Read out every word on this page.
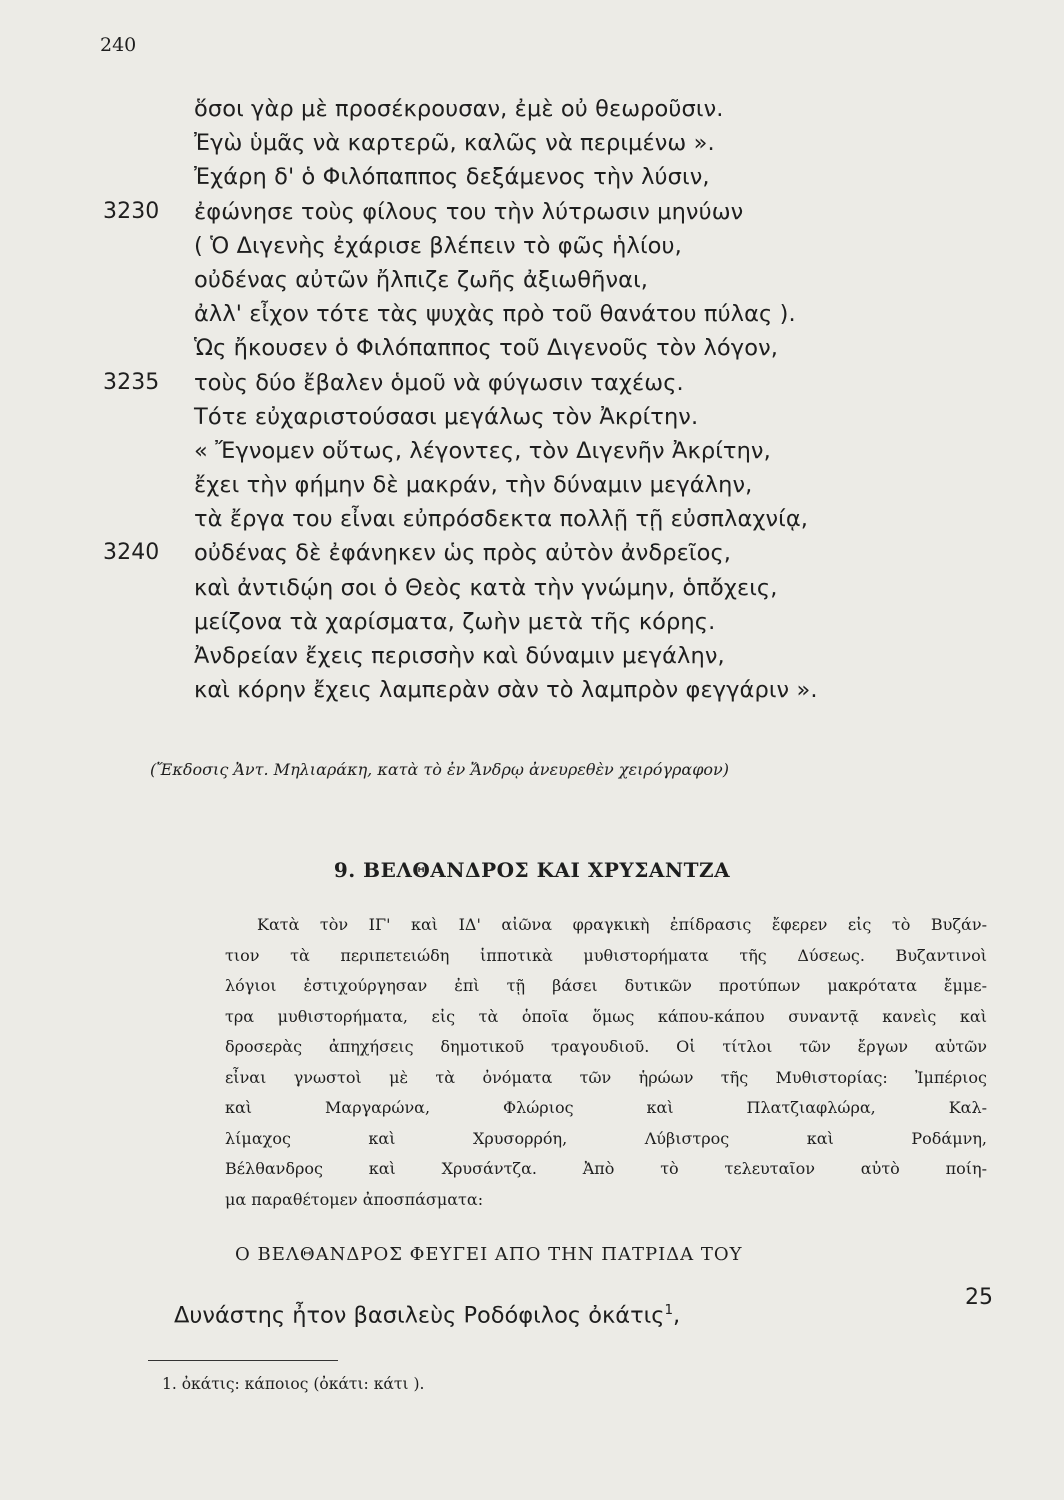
240
ὅσοι γὰρ μὲ προσέκρουσαν, ἐμὲ οὐ θεωροῦσιν.
Ἐγὼ ὑμᾶς νὰ καρτερῶ, καλῶς νὰ περιμένω ».
Ἐχάρη δ' ὁ Φιλόπαππος δεξάμενος τὴν λύσιν,
3230 ἐφώνησε τοὺς φίλους του τὴν λύτρωσιν μηνύων
( Ὁ Διγενὴς ἐχάρισε βλέπειν τὸ φῶς ἡλίου,
οὐδένας αὐτῶν ἤλπιζε ζωῆς ἀξιωθῆναι,
ἀλλ' εἶχον τότε τὰς ψυχὰς πρὸ τοῦ θανάτου πύλας ).
Ὡς ἤκουσεν ὁ Φιλόπαππος τοῦ Διγενοῦς τὸν λόγον,
3235 τοὺς δύο ἔβαλεν ὁμοῦ νὰ φύγωσιν ταχέως.
Τότε εὐχαριστούσασι μεγάλως τὸν Ἀκρίτην.
« Ἔγνομεν οὕτως, λέγοντες, τὸν Διγενῆν Ἀκρίτην,
ἔχει τὴν φήμην δὲ μακράν, τὴν δύναμιν μεγάλην,
τὰ ἔργα του εἶναι εὐπρόσδεκτα πολλῇ τῇ εὐσπλαχνίᾳ,
3240 οὐδένας δὲ ἐφάνηκεν ὡς πρὸς αὐτὸν ἀνδρεῖος,
καὶ ἀντιδῴη σοι ὁ Θεὸς κατὰ τὴν γνώμην, ὁπὄχεις,
μείζονα τὰ χαρίσματα, ζωὴν μετὰ τῆς κόρης.
Ἀνδρείαν ἔχεις περισσὴν καὶ δύναμιν μεγάλην,
καὶ κόρην ἔχεις λαμπερὰν σὰν τὸ λαμπρὸν φεγγάριν ».
(Ἔκδοσις Ἀντ. Μηλιαράκη, κατὰ τὸ ἐν Ἄνδρῳ ἀνευρεθὲν χειρόγραφον)
9. ΒΕΛΘΑΝΔΡΟΣ ΚΑΙ ΧΡΥΣΑΝΤΖΑ
Κατὰ τὸν ΙΓ' καὶ ΙΔ' αἰῶνα φραγκικὴ ἐπίδρασις ἔφερεν εἰς τὸ Βυζάν-
τιον τὰ περιπετειώδη ἱπποτικὰ μυθιστορήματα τῆς Δύσεως. Βυζαντινοὶ
λόγιοι ἐστιχούργησαν ἐπὶ τῇ βάσει δυτικῶν προτύπων μακρότατα ἔμμε-
τρα μυθιστορήματα, εἰς τὰ ὁποῖα ὅμως κάπου-κάπου συναντᾷ κανεὶς καὶ
δροσερὰς ἀπηχήσεις δημοτικοῦ τραγουδιοῦ. Οἱ τίτλοι τῶν ἔργων αὐτῶν
εἶναι γνωστοὶ μὲ τὰ ὀνόματα τῶν ἡρώων τῆς Μυθιστορίας: Ἰμπέριος
καὶ Μαργαρώνα, Φλώριος καὶ Πλατζιαφλώρα, Καλ-
λίμαχος καὶ Χρυσορρόη, Λύβιστρος καὶ Ροδάμνη,
Βέλθανδρος καὶ Χρυσάντζα. Ἀπὸ τὸ τελευταῖον αὐτὸ ποίη-
μα παραθέτομεν ἀποσπάσματα:
Ο ΒΕΛΘΑΝΔΡΟΣ ΦΕΥΓΕΙ ΑΠΟ ΤΗΝ ΠΑΤΡΙΔΑ ΤΟΥ
Δυνάστης ἦτον βασιλεὺς Ροδόφιλος ὀκάτις$^1$,
25
1. ὀκάτις: κάποιος (ὀκάτι: κάτι ).
